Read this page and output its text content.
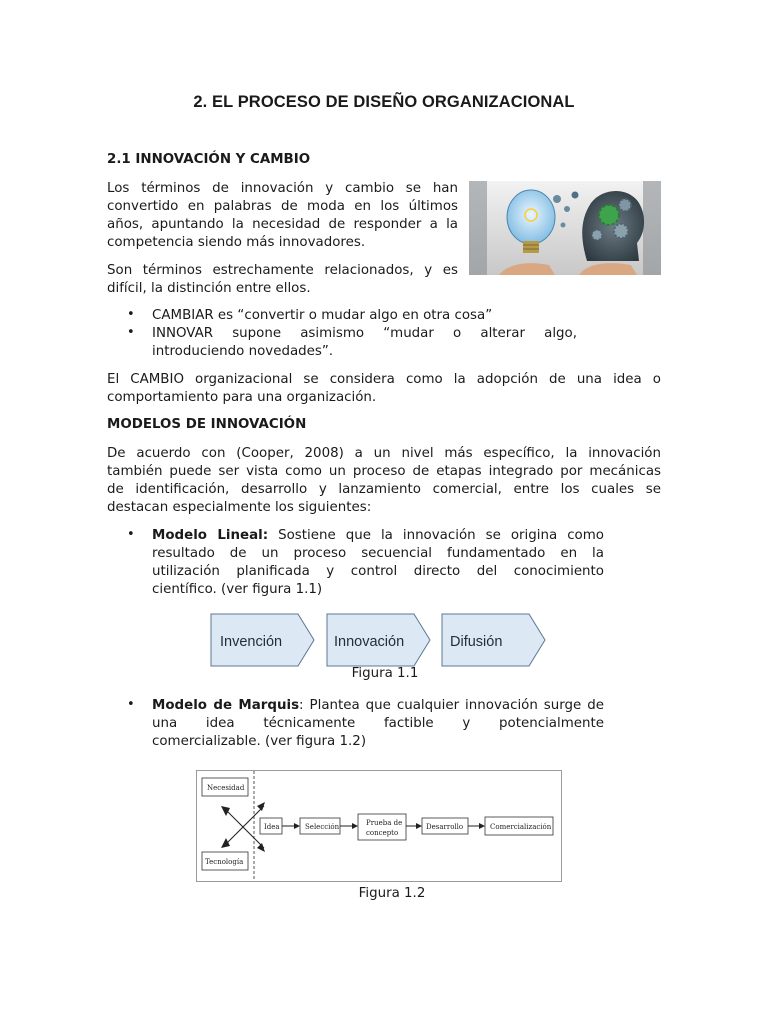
2. EL PROCESO DE DISEÑO ORGANIZACIONAL
2.1 INNOVACIÓN Y CAMBIO
Los términos de innovación y cambio se han
convertido en palabras de moda en los últimos
años, apuntando la necesidad de responder a la
competencia siendo más innovadores.
Son términos estrechamente relacionados, y es
difícil, la distinción entre ellos.
• CAMBIAR es “convertir o mudar algo en otra cosa”
• INNOVAR supone asimismo “mudar o alterar algo,
introduciendo novedades”.
El CAMBIO organizacional se considera como la adopción de una idea o
comportamiento para una organización.
MODELOS DE INNOVACIÓN
De acuerdo con (Cooper, 2008) a un nivel más específico, la innovación
también puede ser vista como un proceso de etapas integrado por mecánicas
de identificación, desarrollo y lanzamiento comercial, entre los cuales se
destacan especialmente los siguientes:
• Modelo Lineal: Sostiene que la innovación se origina como
resultado de un proceso secuencial fundamentado en la
utilización planificada y control directo del conocimiento
científico. (ver figura 1.1)
Invención	Innovación	Difusión
Figura 1.1
• Modelo de Marquis: Plantea que cualquier innovación surge de
una idea técnicamente factible y potencialmente
comercializable. (ver figura 1.2)
Necesidad
Tecnología
Idea	Selección	Prueba de
concepto
Desarrollo	Comercialización
Figura 1.2
